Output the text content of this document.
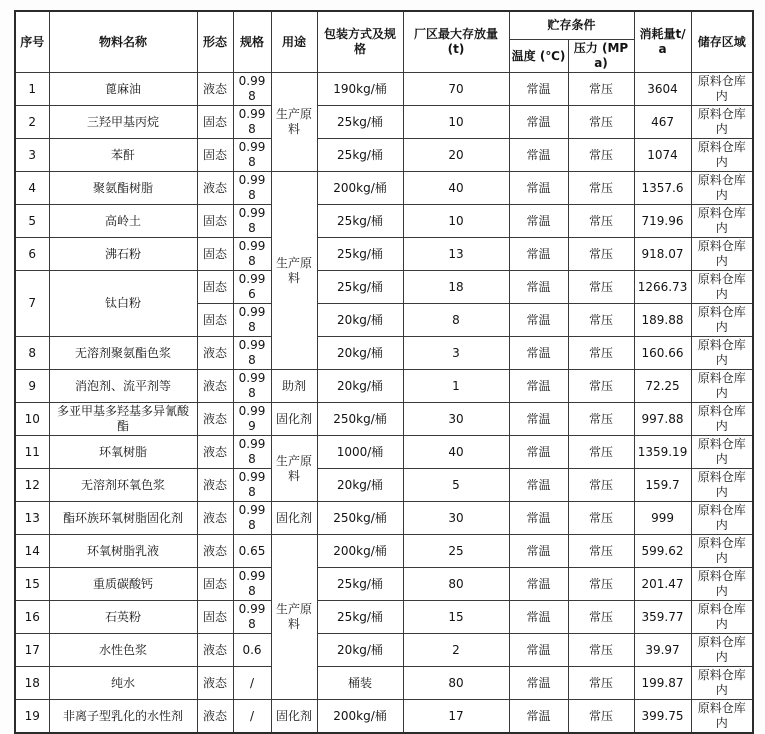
序号	物料名称	形态	规格	用途	包装方式及规格	厂区最大存放量 (t)	贮存条件		消耗量t/a	储存区域
							温度 (℃)	压力 (MPa)		
1	蓖麻油	液态	0.998	生产原料	190kg/桶	70	常温	常压	3604	原料仓库内
2	三羟甲基丙烷	固态	0.998		25kg/桶	10	常温	常压	467	原料仓库内
3	苯酐	固态	0.998		25kg/桶	20	常温	常压	1074	原料仓库内
4	聚氨酯树脂	液态	0.998	生产原料	200kg/桶	40	常温	常压	1357.6	原料仓库内
5	高岭土	固态	0.998		25kg/桶	10	常温	常压	719.96	原料仓库内
6	沸石粉	固态	0.998		25kg/桶	13	常温	常压	918.07	原料仓库内
7	钛白粉	固态	0.996		25kg/桶	18	常温	常压	1266.73	原料仓库内
		固态	0.998		20kg/桶	8	常温	常压	189.88	原料仓库内
8	无溶剂聚氨酯色浆	液态	0.998		20kg/桶	3	常温	常压	160.66	原料仓库内
9	消泡剂、流平剂等	液态	0.998	助剂	20kg/桶	1	常温	常压	72.25	原料仓库内
10	多亚甲基多羟基多异氰酸酯	液态	0.999	固化剂	250kg/桶	30	常温	常压	997.88	原料仓库内
11	环氧树脂	液态	0.998	生产原料	1000/桶	40	常温	常压	1359.19	原料仓库内
12	无溶剂环氧色浆	液态	0.998		20kg/桶	5	常温	常压	159.7	原料仓库内
13	酯环族环氧树脂固化剂	液态	0.998	固化剂	250kg/桶	30	常温	常压	999	原料仓库内
14	环氧树脂乳液	液态	0.65	生产原料	200kg/桶	25	常温	常压	599.62	原料仓库内
15	重质碳酸钙	固态	0.998		25kg/桶	80	常温	常压	201.47	原料仓库内
16	石英粉	固态	0.998		25kg/桶	15	常温	常压	359.77	原料仓库内
17	水性色浆	液态	0.6		20kg/桶	2	常温	常压	39.97	原料仓库内
18	纯水	液态	/		桶装	80	常温	常压	199.87	原料仓库内
19	非离子型乳化的水性剂	液态	/	固化剂	200kg/桶	17	常温	常压	399.75	原料仓库内
